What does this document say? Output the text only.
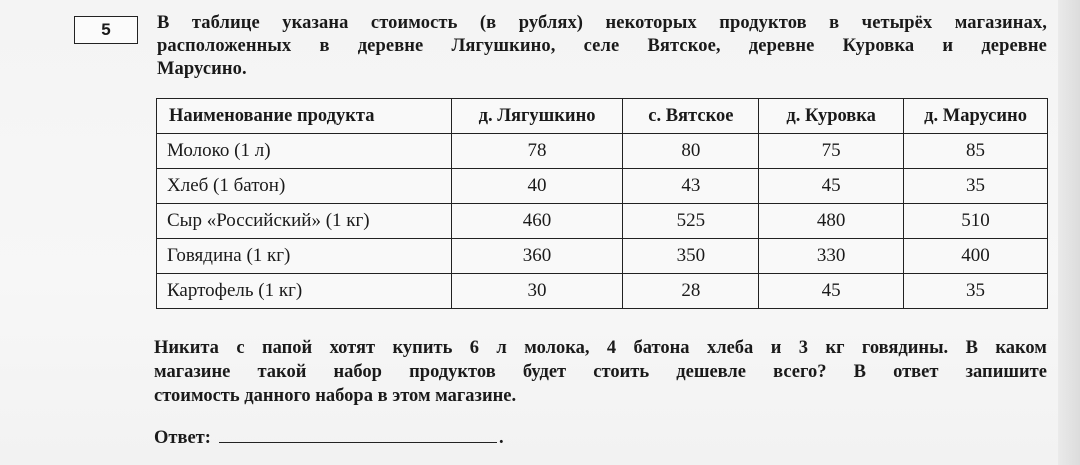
5	В таблице указана стоимость (в рублях) некоторых продуктов в четырёх магазинах,
расположенных в деревне Лягушкино, селе Вятское, деревне Куровка и деревне
Марусино.
Наименование продукта	д. Лягушкино	с. Вятское	д. Куровка	д. Марусино
Молоко (1 л)	78	80	75	85
Хлеб (1 батон)	40	43	45	35
Сыр «Российский» (1 кг)	460	525	480	510
Говядина (1 кг)	360	350	330	400
Картофель (1 кг)	30	28	45	35
Никита с папой хотят купить 6 л молока, 4 батона хлеба и 3 кг говядины. В каком
магазине такой набор продуктов будет стоить дешевле всего? В ответ запишите
стоимость данного набора в этом магазине.
Ответ:	.
